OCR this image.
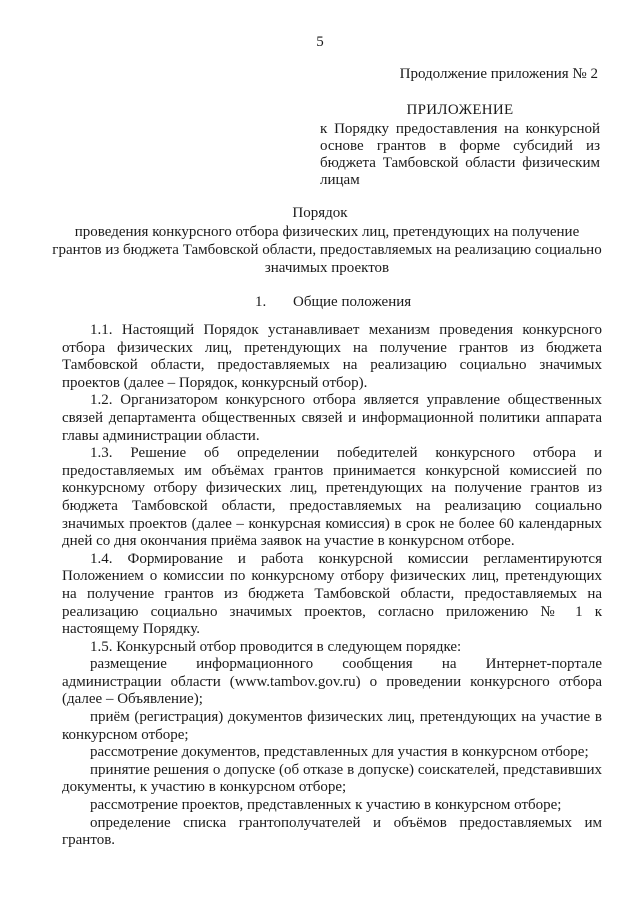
5
Продолжение приложения № 2
ПРИЛОЖЕНИЕ
к Порядку предоставления на конкурсной
основе грантов в форме субсидий из
бюджета Тамбовской области физическим
лицам
Порядок
проведения конкурсного отбора физических лиц, претендующих на получение грантов из бюджета Тамбовской области, предоставляемых на реализацию социально значимых проектов
1. Общие положения

1.1. Настоящий Порядок устанавливает механизм проведения конкурсного отбора физических лиц, претендующих на получение грантов из бюджета Тамбовской области, предоставляемых на реализацию социально значимых проектов (далее – Порядок, конкурсный отбор).

1.2. Организатором конкурсного отбора является управление общественных связей департамента общественных связей и информационной политики аппарата главы администрации области.

1.3. Решение об определении победителей конкурсного отбора и предоставляемых им объёмах грантов принимается конкурсной комиссией по конкурсному отбору физических лиц, претендующих на получение грантов из бюджета Тамбовской области, предоставляемых на реализацию социально значимых проектов (далее – конкурсная комиссия) в срок не более 60 календарных дней со дня окончания приёма заявок на участие в конкурсном отборе.

1.4. Формирование и работа конкурсной комиссии регламентируются Положением о комиссии по конкурсному отбору физических лиц, претендующих на получение грантов из бюджета Тамбовской области, предоставляемых на реализацию социально значимых проектов, согласно приложению № 1 к настоящему Порядку.

1.5. Конкурсный отбор проводится в следующем порядке:

размещение информационного сообщения на Интернет-портале администрации области (www.tambov.gov.ru) о проведении конкурсного отбора (далее – Объявление);

приём (регистрация) документов физических лиц, претендующих на участие в конкурсном отборе;

рассмотрение документов, представленных для участия в конкурсном отборе;

принятие решения о допуске (об отказе в допуске) соискателей, представивших документы, к участию в конкурсном отборе;

рассмотрение проектов, представленных к участию в конкурсном отборе;

определение списка грантополучателей и объёмов предоставляемых им грантов.
